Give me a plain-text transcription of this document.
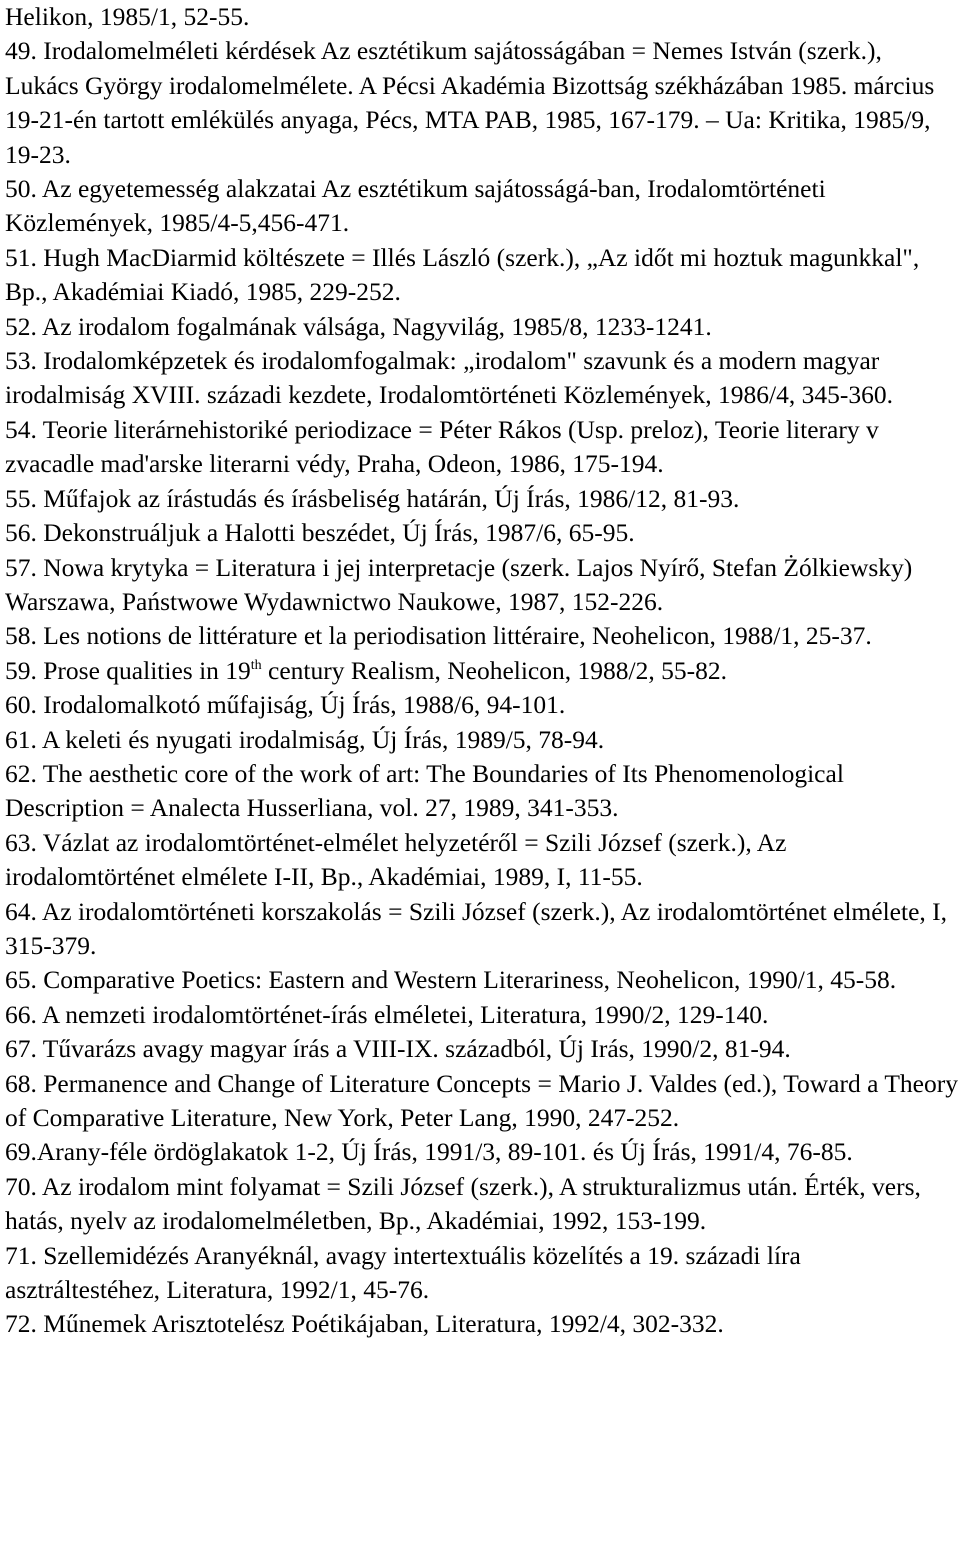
Helikon, 1985/1, 52-55.

49. Irodalomelméleti kérdések Az esztétikum sajátosságában = Nemes István (szerk.), Lukács György irodalomelmélete. A Pécsi Akadémia Bizottság székházában 1985. március 19-21-én tartott emlékülés anyaga, Pécs, MTA PAB, 1985, 167-179. – Ua: Kritika, 1985/9, 19-23.

50. Az egyetemesség alakzatai Az esztétikum sajátosságá-ban, Irodalomtörténeti Közlemények, 1985/4-5,456-471.

51. Hugh MacDiarmid költészete = Illés László (szerk.), „Az időt mi hoztuk magunkkal", Bp., Akadémiai Kiadó, 1985, 229-252.

52. Az irodalom fogalmának válsága, Nagyvilág, 1985/8, 1233-1241.

53. Irodalomképzetek és irodalomfogalmak: „irodalom" szavunk és a modern magyar irodalmiság XVIII. századi kezdete, Irodalomtörténeti Közlemények, 1986/4, 345-360.

54. Teorie literárnehistoriké periodizace = Péter Rákos (Usp. preloz), Teorie literary v zvacadle mad'arske literarni védy, Praha, Odeon, 1986, 175-194.

55. Műfajok az írástudás és írásbeliség határán, Új Írás, 1986/12, 81-93.

56. Dekonstruáljuk a Halotti beszédet, Új Írás, 1987/6, 65-95.

57. Nowa krytyka = Literatura i jej interpretacje (szerk. Lajos Nyírő, Stefan Żólkiewsky) Warszawa, Państwowe Wydawnictwo Naukowe, 1987, 152-226.

58. Les notions de littérature et la periodisation littéraire, Neohelicon, 1988/1, 25-37.

59. Prose qualities in 19th century Realism, Neohelicon, 1988/2, 55-82.

60. Irodalomalkotó műfajiság, Új Írás, 1988/6, 94-101.

61. A keleti és nyugati irodalmiság, Új Írás, 1989/5, 78-94.

62. The aesthetic core of the work of art: The Boundaries of Its Phenomenological Description = Analecta Husserliana, vol. 27, 1989, 341-353.

63. Vázlat az irodalomtörténet-elmélet helyzetéről = Szili József (szerk.), Az irodalomtörténet elmélete I-II, Bp., Akadémiai, 1989, I, 11-55.

64. Az irodalomtörténeti korszakolás = Szili József (szerk.), Az irodalomtörténet elmélete, I, 315-379.

65. Comparative Poetics: Eastern and Western Literariness, Neohelicon, 1990/1, 45-58.

66. A nemzeti irodalomtörténet-írás elméletei, Literatura, 1990/2, 129-140.

67. Tűvarázs avagy magyar írás a VIII-IX. századból, Új Irás, 1990/2, 81-94.

68. Permanence and Change of Literature Concepts = Mario J. Valdes (ed.), Toward a Theory of Comparative Literature, New York, Peter Lang, 1990, 247-252.

69.Arany-féle ördöglakatok 1-2, Új Írás, 1991/3, 89-101. és Új Írás, 1991/4, 76-85.

70. Az irodalom mint folyamat = Szili József (szerk.), A strukturalizmus után. Érték, vers, hatás, nyelv az irodalomelméletben, Bp., Akadémiai, 1992, 153-199.

71. Szellemidézés Aranyéknál, avagy intertextuális közelítés a 19. századi líra asztráltestéhez, Literatura, 1992/1, 45-76.

72. Műnemek Arisztotelész Poétikájaban, Literatura, 1992/4, 302-332.
